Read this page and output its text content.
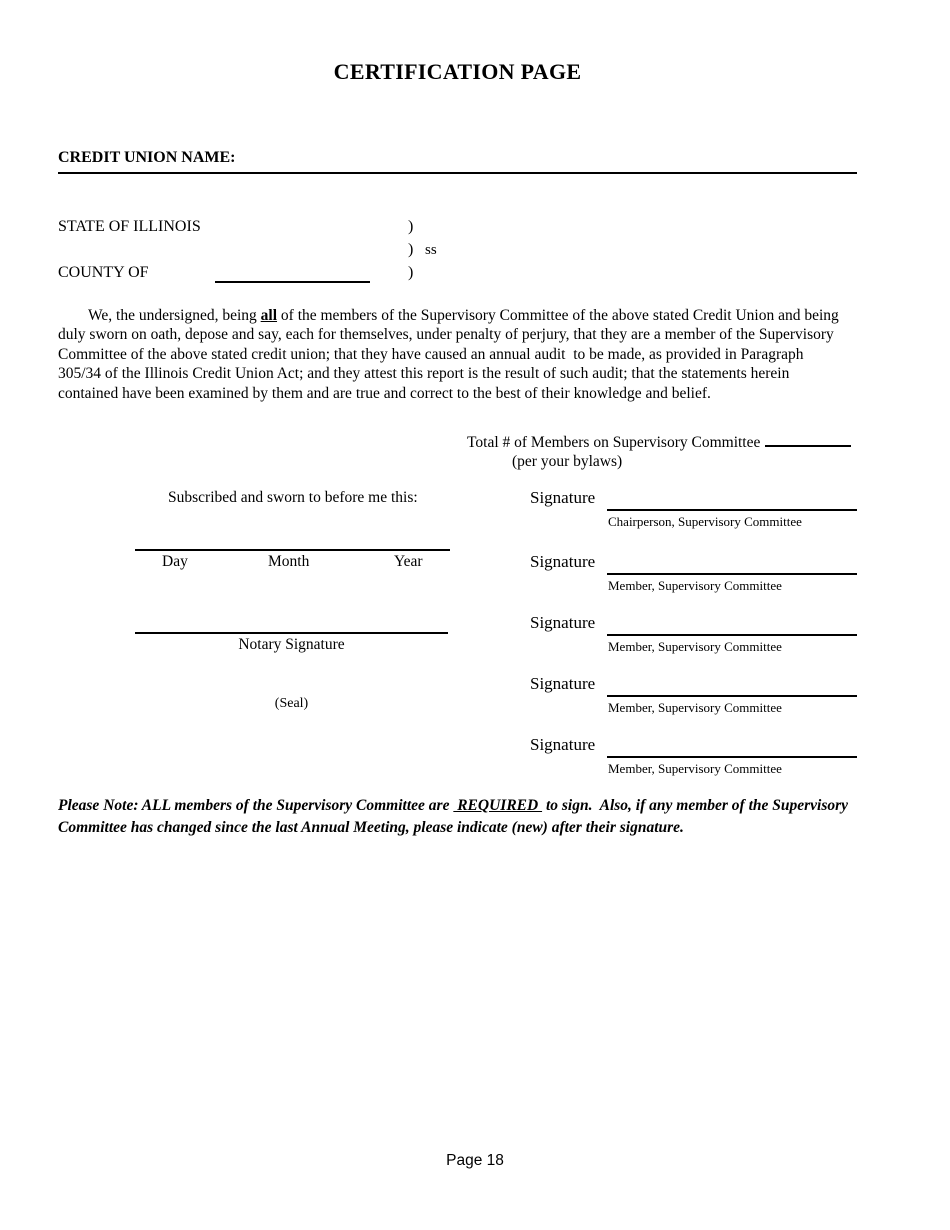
CERTIFICATION PAGE
CREDIT UNION NAME:
STATE OF ILLINOIS	)
) ss
COUNTY OF	)
We, the undersigned, being all of the members of the Supervisory Committee of the above stated Credit Union and being duly sworn on oath, depose and say, each for themselves, under penalty of perjury, that they are a member of the Supervisory Committee of the above stated credit union; that they have caused an annual audit  to be made, as provided in Paragraph 305/34 of the Illinois Credit Union Act; and they attest this report is the result of such audit; that the statements herein contained have been examined by them and are true and correct to the best of their knowledge and belief.
Total # of Members on Supervisory Committee
(per your bylaws)
Subscribed and sworn to before me this:
Day	Month	Year
Notary Signature
(Seal)
Signature
Chairperson, Supervisory Committee
Signature
Member, Supervisory Committee
Signature
Member, Supervisory Committee
Signature
Member, Supervisory Committee
Signature
Member, Supervisory Committee
Please Note: ALL members of the Supervisory Committee are  REQUIRED  to sign.  Also, if any member of the Supervisory Committee has changed since the last Annual Meeting, please indicate (new) after their signature.
Page 18
